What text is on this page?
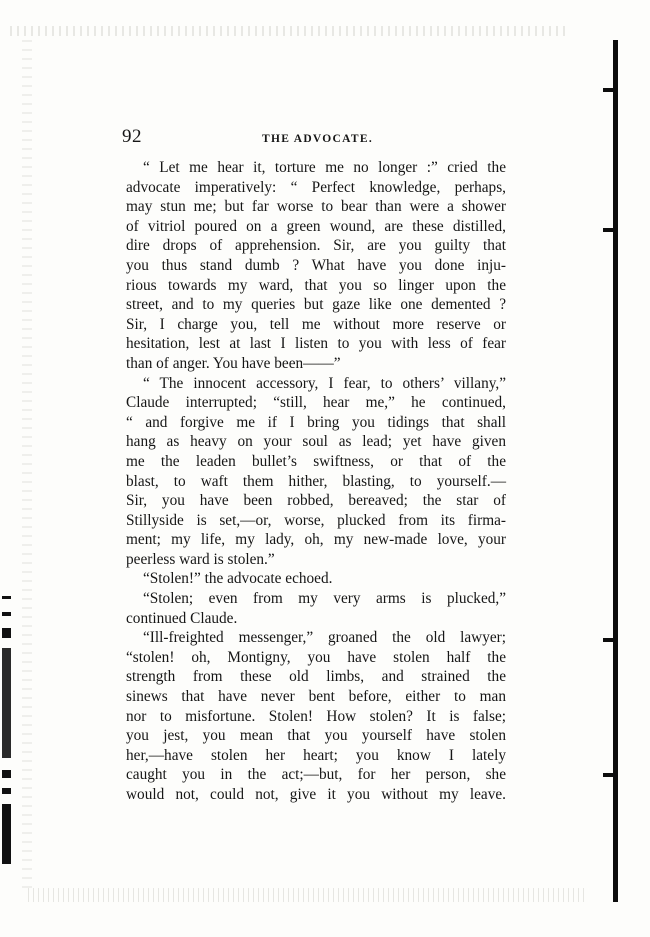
92	THE ADVOCATE.
“ Let me hear it, torture me no longer :” cried the
advocate imperatively: “ Perfect knowledge, perhaps,
may stun me; but far worse to bear than were a shower
of vitriol poured on a green wound, are these distilled,
dire drops of apprehension. Sir, are you guilty that
you thus stand dumb ? What have you done inju-
rious towards my ward, that you so linger upon the
street, and to my queries but gaze like one demented ?
Sir, I charge you, tell me without more reserve or
hesitation, lest at last I listen to you with less of fear
than of anger. You have been——”
“ The innocent accessory, I fear, to others’ villany,”
Claude interrupted; “still, hear me,” he continued,
“ and forgive me if I bring you tidings that shall
hang as heavy on your soul as lead; yet have given
me the leaden bullet’s swiftness, or that of the
blast, to waft them hither, blasting, to yourself.—
Sir, you have been robbed, bereaved; the star of
Stillyside is set,—or, worse, plucked from its firma-
ment; my life, my lady, oh, my new-made love, your
peerless ward is stolen.”
“Stolen!” the advocate echoed.
“Stolen; even from my very arms is plucked,”
continued Claude.
“Ill-freighted messenger,” groaned the old lawyer;
“stolen! oh, Montigny, you have stolen half the
strength from these old limbs, and strained the
sinews that have never bent before, either to man
nor to misfortune. Stolen! How stolen? It is false;
you jest, you mean that you yourself have stolen
her,—have stolen her heart; you know I lately
caught you in the act;—but, for her person, she
would not, could not, give it you without my leave.
